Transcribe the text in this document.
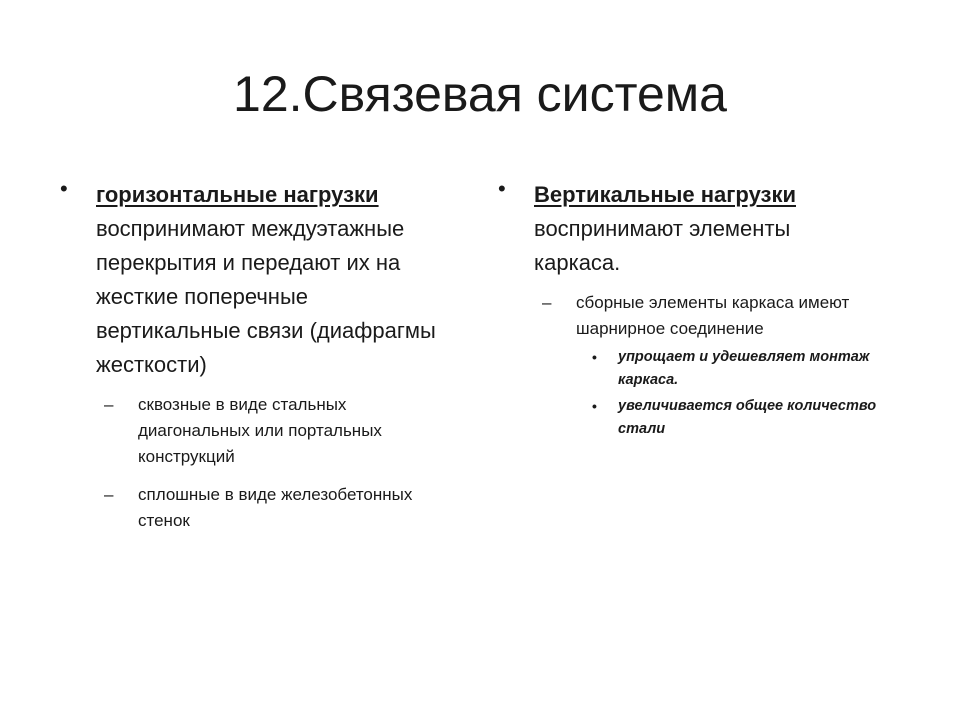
12.Связевая система

• горизонтальные нагрузки воспринимают междуэтажные перекрытия и передают их на жесткие поперечные вертикальные связи (диафрагмы жесткости)

– сквозные в виде стальных диагональных или портальных конструкций

– сплошные в виде железобетонных стенок

• Вертикальные нагрузки воспринимают элементы каркаса.

– сборные элементы каркаса имеют шарнирное соединение

• упрощает и удешевляет монтаж каркаса.

• увеличивается общее количество стали
